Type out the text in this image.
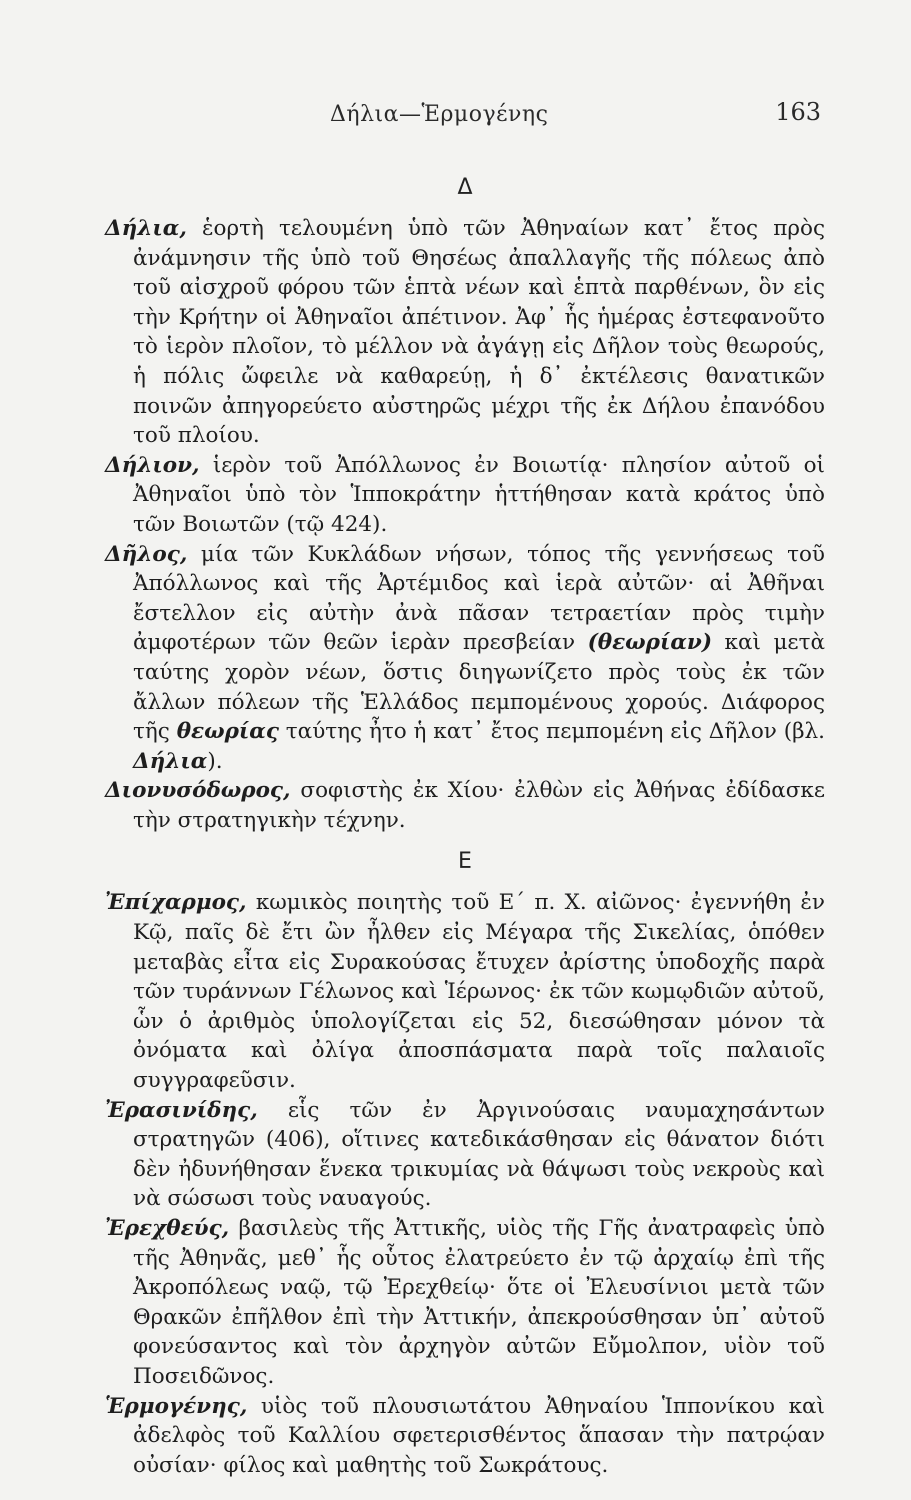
Δήλια—Ἑρμογένης	163
Δ

Δήλια, ἑορτὴ τελουμένη ὑπὸ τῶν Ἀθηναίων κατ᾽ ἔτος πρὸς ἀνάμνησιν τῆς ὑπὸ τοῦ Θησέως ἀπαλλαγῆς τῆς πόλεως ἀπὸ τοῦ αἰσχροῦ φόρου τῶν ἑπτὰ νέων καὶ ἑπτὰ παρθένων, ὃν εἰς τὴν Κρήτην οἱ Ἀθηναῖοι ἀπέτινον. Ἀφ᾽ ἧς ἡμέρας ἐστεφανοῦτο τὸ ἱερὸν πλοῖον, τὸ μέλλον νὰ ἀγάγῃ εἰς Δῆλον τοὺς θεωρούς, ἡ πόλις ὤφειλε νὰ καθαρεύῃ, ἡ δ᾽ ἐκτέλεσις θανατικῶν ποινῶν ἀπηγορεύετο αὐστηρῶς μέχρι τῆς ἐκ Δήλου ἐπανόδου τοῦ πλοίου.

Δήλιον, ἱερὸν τοῦ Ἀπόλλωνος ἐν Βοιωτίᾳ· πλησίον αὐτοῦ οἱ Ἀθηναῖοι ὑπὸ τὸν Ἱπποκράτην ἡττήθησαν κατὰ κράτος ὑπὸ τῶν Βοιωτῶν (τῷ 424).

Δῆλος, μία τῶν Κυκλάδων νήσων, τόπος τῆς γεννήσεως τοῦ Ἀπόλλωνος καὶ τῆς Ἀρτέμιδος καὶ ἱερὰ αὐτῶν· αἱ Ἀθῆναι ἔστελλον εἰς αὐτὴν ἀνὰ πᾶσαν τετραετίαν πρὸς τιμὴν ἀμφοτέρων τῶν θεῶν ἱερὰν πρεσβείαν (θεωρίαν) καὶ μετὰ ταύτης χορὸν νέων, ὅστις διηγωνίζετο πρὸς τοὺς ἐκ τῶν ἄλλων πόλεων τῆς Ἑλλάδος πεμπομένους χορούς. Διάφορος τῆς θεωρίας ταύτης ἦτο ἡ κατ᾽ ἔτος πεμπομένη εἰς Δῆλον (βλ. Δήλια).

Διονυσόδωρος, σοφιστὴς ἐκ Χίου· ἐλθὼν εἰς Ἀθήνας ἐδίδασκε τὴν στρατηγικὴν τέχνην.

Ε

Ἐπίχαρμος, κωμικὸς ποιητὴς τοῦ Ε´ π. Χ. αἰῶνος· ἐγεννήθη ἐν Κῷ, παῖς δὲ ἔτι ὢν ἦλθεν εἰς Μέγαρα τῆς Σικελίας, ὁπόθεν μεταβὰς εἶτα εἰς Συρακούσας ἔτυχεν ἀρίστης ὑποδοχῆς παρὰ τῶν τυράννων Γέλωνος καὶ Ἱέρωνος· ἐκ τῶν κωμῳδιῶν αὐτοῦ, ὧν ὁ ἀριθμὸς ὑπολογίζεται εἰς 52, διεσώθησαν μόνον τὰ ὀνόματα καὶ ὀλίγα ἀποσπάσματα παρὰ τοῖς παλαιοῖς συγγραφεῦσιν.

Ἐρασινίδης, εἷς τῶν ἐν Ἀργινούσαις ναυμαχησάντων στρατηγῶν (406), οἵτινες κατεδικάσθησαν εἰς θάνατον διότι δὲν ἠδυνήθησαν ἕνεκα τρικυμίας νὰ θάψωσι τοὺς νεκροὺς καὶ νὰ σώσωσι τοὺς ναυαγούς.

Ἐρεχθεύς, βασιλεὺς τῆς Ἀττικῆς, υἱὸς τῆς Γῆς ἀνατραφεὶς ὑπὸ τῆς Ἀθηνᾶς, μεθ᾽ ἧς οὗτος ἐλατρεύετο ἐν τῷ ἀρχαίῳ ἐπὶ τῆς Ἀκροπόλεως ναῷ, τῷ Ἐρεχθείῳ· ὅτε οἱ Ἐλευσίνιοι μετὰ τῶν Θρακῶν ἐπῆλθον ἐπὶ τὴν Ἀττικήν, ἀπεκρούσθησαν ὑπ᾽ αὐτοῦ φονεύσαντος καὶ τὸν ἀρχηγὸν αὐτῶν Εὔμολπον, υἱὸν τοῦ Ποσειδῶνος.

Ἑρμογένης, υἱὸς τοῦ πλουσιωτάτου Ἀθηναίου Ἱππονίκου καὶ ἀδελφὸς τοῦ Καλλίου σφετερισθέντος ἅπασαν τὴν πατρῴαν οὐσίαν· φίλος καὶ μαθητὴς τοῦ Σωκράτους.
